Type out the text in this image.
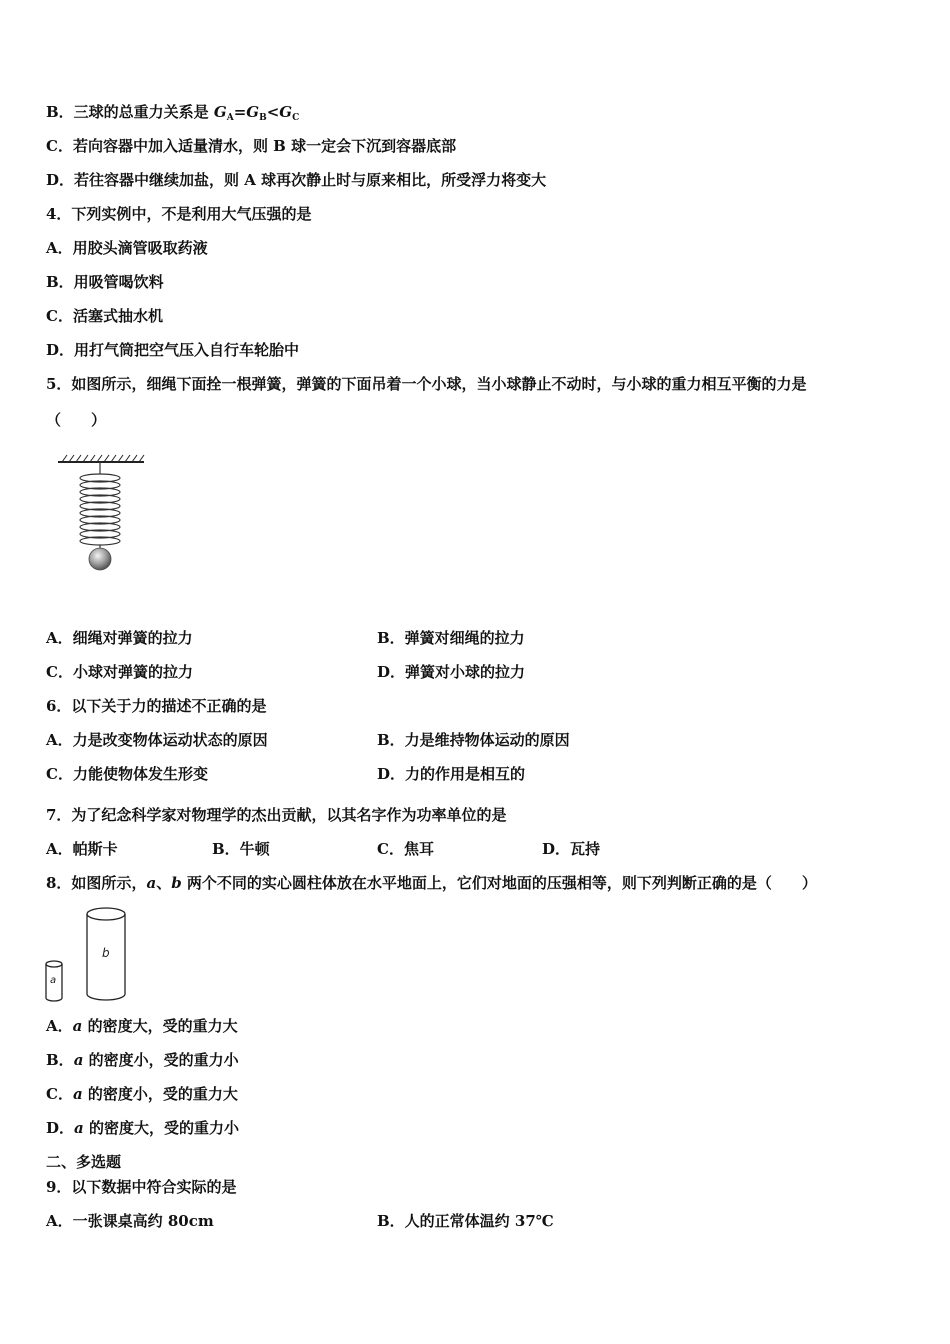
B．三球的总重力关系是 $G_A=G_B<G_C$
C．若向容器中加入适量清水，则 B 球一定会下沉到容器底部
D．若往容器中继续加盐，则 A 球再次静止时与原来相比，所受浮力将变大
4．下列实例中，不是利用大气压强的是
A．用胶头滴管吸取药液
B．用吸管喝饮料
C．活塞式抽水机
D．用打气筒把空气压入自行车轮胎中
5．如图所示，细绳下面拴一根弹簧，弹簧的下面吊着一个小球，当小球静止不动时，与小球的重力相互平衡的力是
（　　）
A．细绳对弹簧的拉力	B．弹簧对细绳的拉力
C．小球对弹簧的拉力	D．弹簧对小球的拉力
6．以下关于力的描述不正确的是
A．力是改变物体运动状态的原因	B．力是维持物体运动的原因
C．力能使物体发生形变	D．力的作用是相互的
7．为了纪念科学家对物理学的杰出贡献，以其名字作为功率单位的是
A．帕斯卡	B．牛顿	C．焦耳	D．瓦持
8．如图所示，a、b 两个不同的实心圆柱体放在水平地面上，它们对地面的压强相等，则下列判断正确的是（　　）
b
a
A．a 的密度大，受的重力大
B．a 的密度小，受的重力小
C．a 的密度小，受的重力大
D．a 的密度大，受的重力小
二、多选题
9．以下数据中符合实际的是
A．一张课桌高约 80cm	B．人的正常体温约 37℃
